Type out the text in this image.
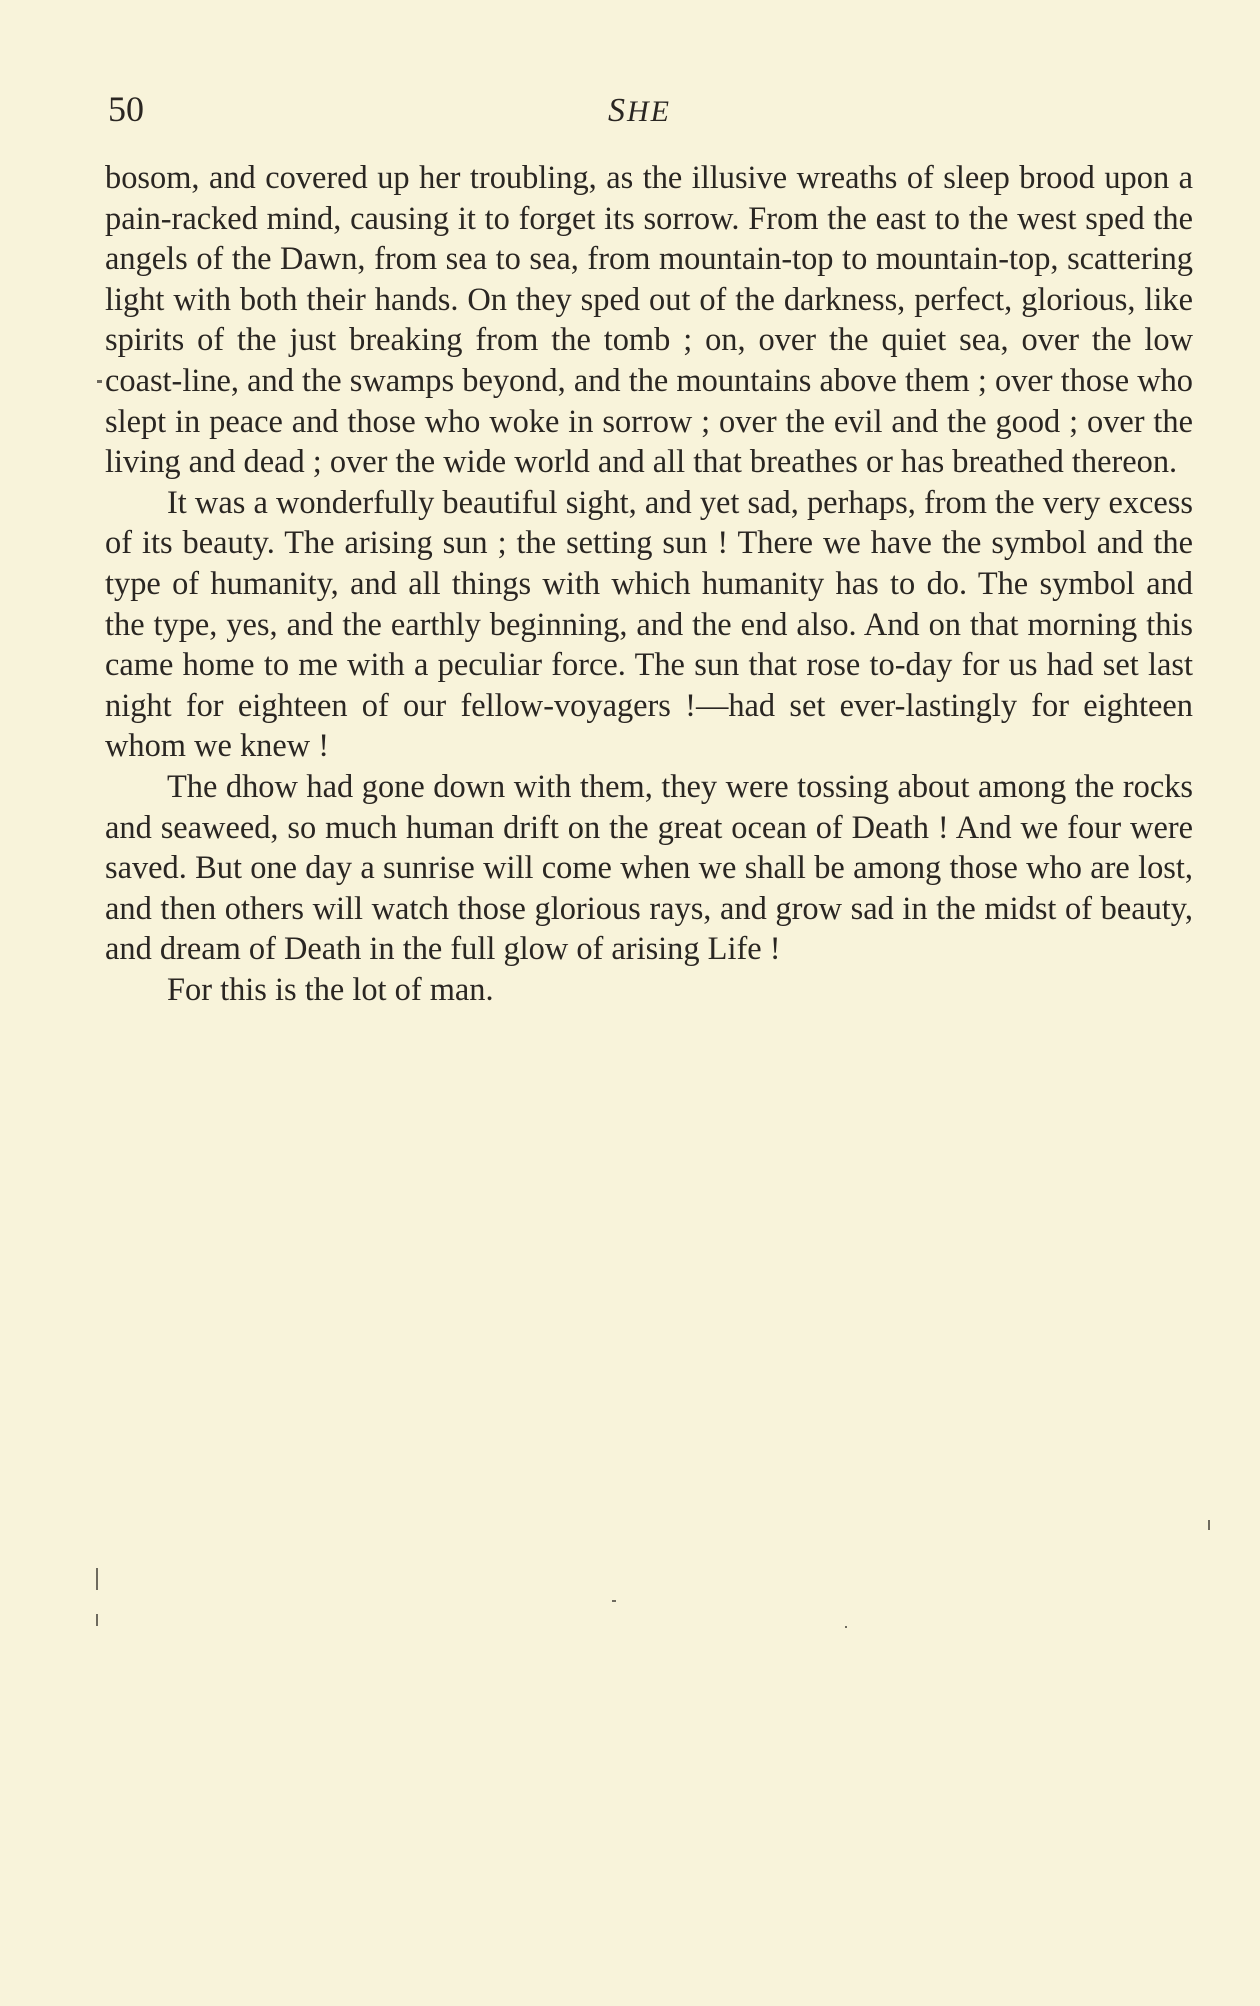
50	SHE

bosom, and covered up her troubling, as the illusive wreaths of sleep brood upon a pain-racked mind, causing it to forget its sorrow. From the east to the west sped the angels of the Dawn, from sea to sea, from mountain-top to mountain-top, scattering light with both their hands. On they sped out of the darkness, perfect, glorious, like spirits of the just breaking from the tomb ; on, over the quiet sea, over the low coast-line, and the swamps beyond, and the mountains above them ; over those who slept in peace and those who woke in sorrow ; over the evil and the good ; over the living and dead ; over the wide world and all that breathes or has breathed thereon.

It was a wonderfully beautiful sight, and yet sad, perhaps, from the very excess of its beauty. The arising sun ; the setting sun ! There we have the symbol and the type of humanity, and all things with which humanity has to do. The symbol and the type, yes, and the earthly beginning, and the end also. And on that morning this came home to me with a peculiar force. The sun that rose to-day for us had set last night for eighteen of our fellow-voyagers !—had set ever-lastingly for eighteen whom we knew !

The dhow had gone down with them, they were tossing about among the rocks and seaweed, so much human drift on the great ocean of Death ! And we four were saved. But one day a sunrise will come when we shall be among those who are lost, and then others will watch those glorious rays, and grow sad in the midst of beauty, and dream of Death in the full glow of arising Life !

For this is the lot of man.
